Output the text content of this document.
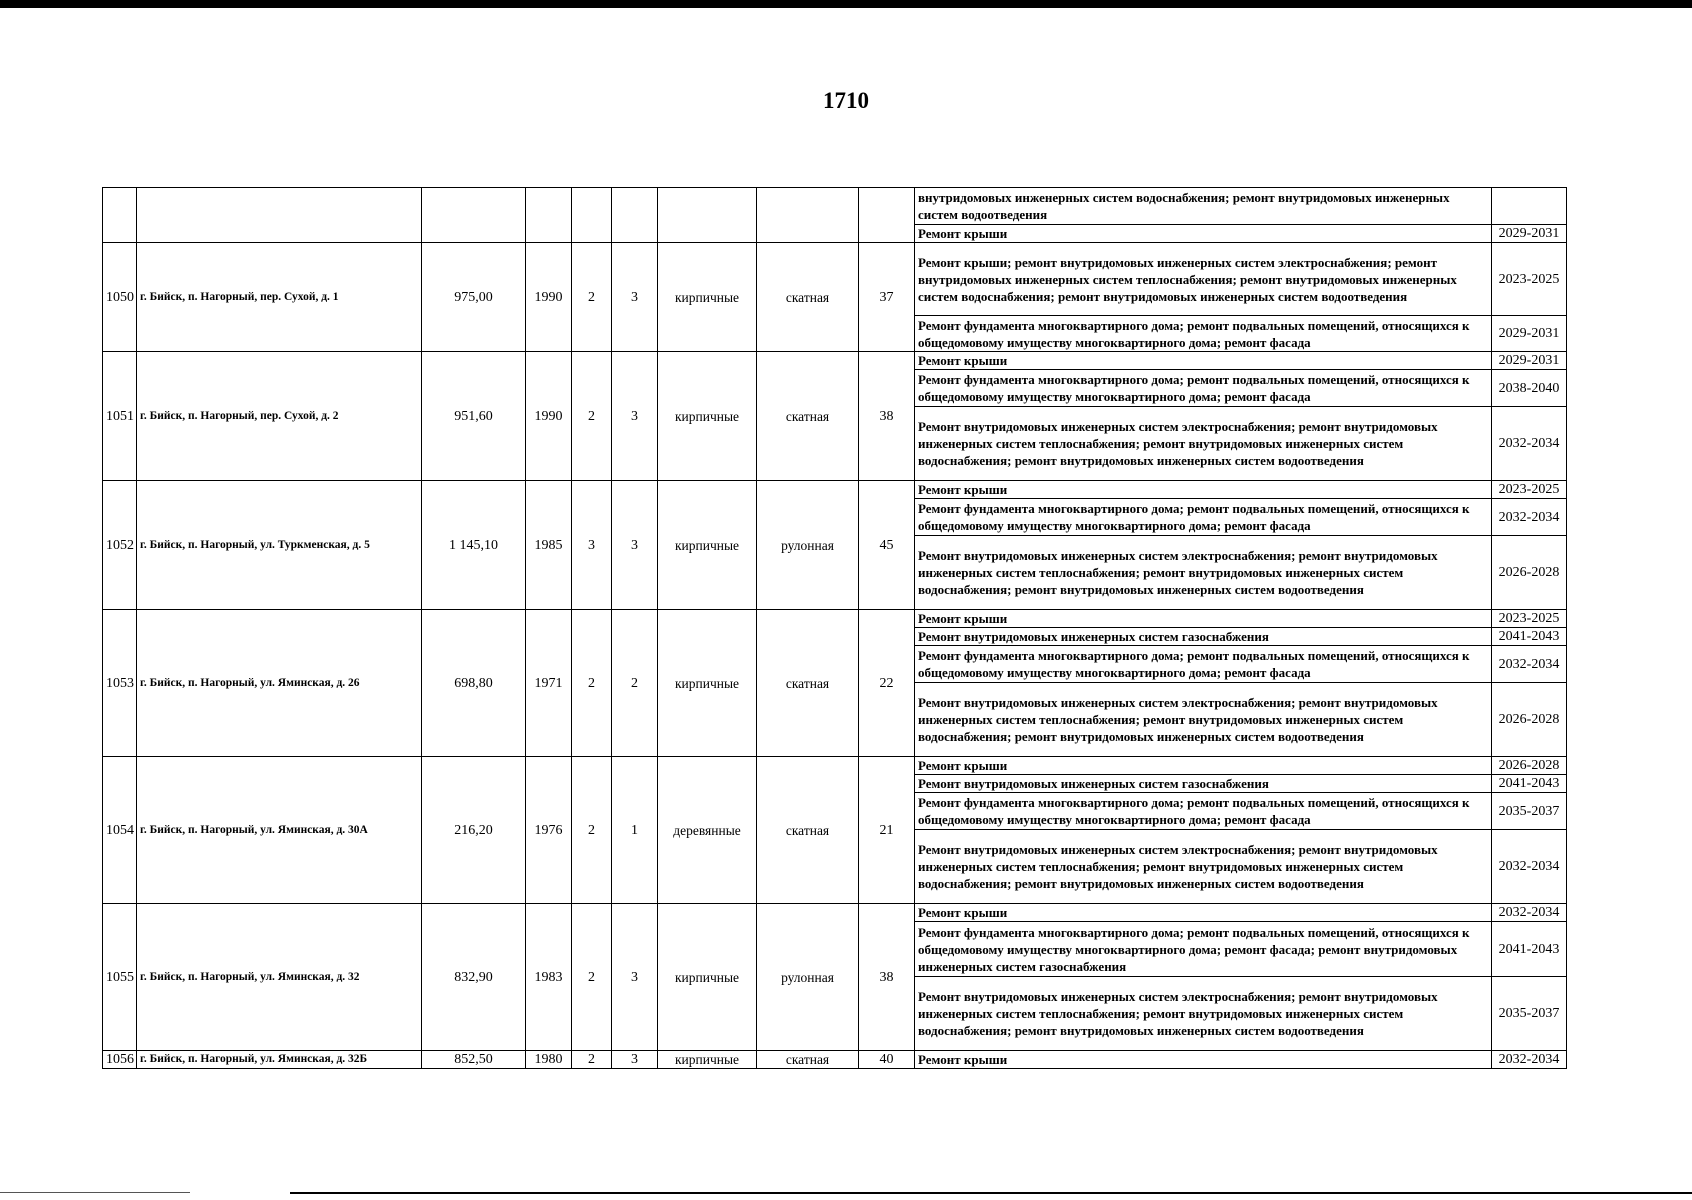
1710
									внутридомовых инженерных систем водоснабжения; ремонт внутридомовых инженерных систем водоотведения	
									Ремонт крыши	2029-2031
1050	г. Бийск, п. Нагорный, пер. Сухой, д. 1	975,00	1990	2	3	кирпичные	скатная	37	Ремонт крыши; ремонт внутридомовых инженерных систем электроснабжения; ремонт внутридомовых инженерных систем теплоснабжения; ремонт внутридомовых инженерных систем водоснабжения; ремонт внутридомовых инженерных систем водоотведения	2023-2025
									Ремонт фундамента многоквартирного дома; ремонт подвальных помещений, относящихся к общедомовому имуществу многоквартирного дома; ремонт фасада	2029-2031
1051	г. Бийск, п. Нагорный, пер. Сухой, д. 2	951,60	1990	2	3	кирпичные	скатная	38	Ремонт крыши	2029-2031
									Ремонт фундамента многоквартирного дома; ремонт подвальных помещений, относящихся к общедомовому имуществу многоквартирного дома; ремонт фасада	2038-2040
									Ремонт внутридомовых инженерных систем электроснабжения; ремонт внутридомовых инженерных систем теплоснабжения; ремонт внутридомовых инженерных систем водоснабжения; ремонт внутридомовых инженерных систем водоотведения	2032-2034
1052	г. Бийск, п. Нагорный, ул. Туркменская, д. 5	1 145,10	1985	3	3	кирпичные	рулонная	45	Ремонт крыши	2023-2025
									Ремонт фундамента многоквартирного дома; ремонт подвальных помещений, относящихся к общедомовому имуществу многоквартирного дома; ремонт фасада	2032-2034
									Ремонт внутридомовых инженерных систем электроснабжения; ремонт внутридомовых инженерных систем теплоснабжения; ремонт внутридомовых инженерных систем водоснабжения; ремонт внутридомовых инженерных систем водоотведения	2026-2028
1053	г. Бийск, п. Нагорный, ул. Яминская, д. 26	698,80	1971	2	2	кирпичные	скатная	22	Ремонт крыши	2023-2025
									Ремонт внутридомовых инженерных систем газоснабжения	2041-2043
									Ремонт фундамента многоквартирного дома; ремонт подвальных помещений, относящихся к общедомовому имуществу многоквартирного дома; ремонт фасада	2032-2034
									Ремонт внутридомовых инженерных систем электроснабжения; ремонт внутридомовых инженерных систем теплоснабжения; ремонт внутридомовых инженерных систем водоснабжения; ремонт внутридомовых инженерных систем водоотведения	2026-2028
1054	г. Бийск, п. Нагорный, ул. Яминская, д. 30А	216,20	1976	2	1	деревянные	скатная	21	Ремонт крыши	2026-2028
									Ремонт внутридомовых инженерных систем газоснабжения	2041-2043
									Ремонт фундамента многоквартирного дома; ремонт подвальных помещений, относящихся к общедомовому имуществу многоквартирного дома; ремонт фасада	2035-2037
									Ремонт внутридомовых инженерных систем электроснабжения; ремонт внутридомовых инженерных систем теплоснабжения; ремонт внутридомовых инженерных систем водоснабжения; ремонт внутридомовых инженерных систем водоотведения	2032-2034
1055	г. Бийск, п. Нагорный, ул. Яминская, д. 32	832,90	1983	2	3	кирпичные	рулонная	38	Ремонт крыши	2032-2034
									Ремонт фундамента многоквартирного дома; ремонт подвальных помещений, относящихся к общедомовому имуществу многоквартирного дома; ремонт фасада; ремонт внутридомовых инженерных систем газоснабжения	2041-2043
									Ремонт внутридомовых инженерных систем электроснабжения; ремонт внутридомовых инженерных систем теплоснабжения; ремонт внутридомовых инженерных систем водоснабжения; ремонт внутридомовых инженерных систем водоотведения	2035-2037
1056	г. Бийск, п. Нагорный, ул. Яминская, д. 32Б	852,50	1980	2	3	кирпичные	скатная	40	Ремонт крыши	2032-2034
